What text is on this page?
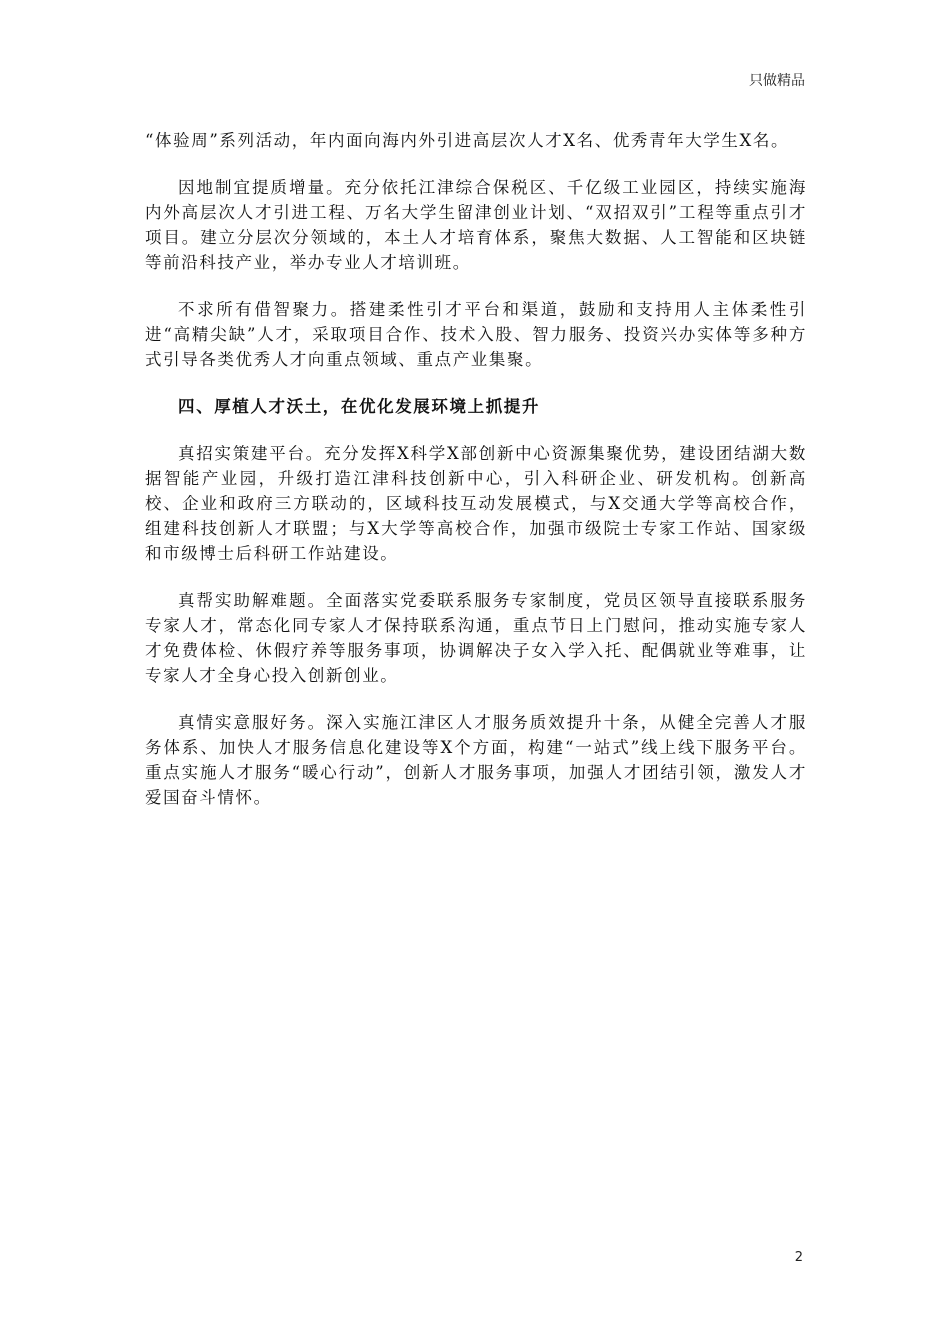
只做精品

“体验周”系列活动，年内面向海内外引进高层次人才X名、优秀青年大学生X名。

因地制宜提质增量。充分依托江津综合保税区、千亿级工业园区，持续实施海内外高层次人才引进工程、万名大学生留津创业计划、“双招双引”工程等重点引才项目。建立分层次分领域的，本土人才培育体系，聚焦大数据、人工智能和区块链等前沿科技产业，举办专业人才培训班。

不求所有借智聚力。搭建柔性引才平台和渠道，鼓励和支持用人主体柔性引进“高精尖缺”人才，采取项目合作、技术入股、智力服务、投资兴办实体等多种方式引导各类优秀人才向重点领域、重点产业集聚。

四、厚植人才沃土，在优化发展环境上抓提升

真招实策建平台。充分发挥X科学X部创新中心资源集聚优势，建设团结湖大数据智能产业园，升级打造江津科技创新中心，引入科研企业、研发机构。创新高校、企业和政府三方联动的，区域科技互动发展模式，与X交通大学等高校合作，组建科技创新人才联盟；与X大学等高校合作，加强市级院士专家工作站、国家级和市级博士后科研工作站建设。

真帮实助解难题。全面落实党委联系服务专家制度，党员区领导直接联系服务专家人才，常态化同专家人才保持联系沟通，重点节日上门慰问，推动实施专家人才免费体检、休假疗养等服务事项，协调解决子女入学入托、配偶就业等难事，让专家人才全身心投入创新创业。

真情实意服好务。深入实施江津区人才服务质效提升十条，从健全完善人才服务体系、加快人才服务信息化建设等X个方面，构建“一站式”线上线下服务平台。重点实施人才服务“暖心行动”，创新人才服务事项，加强人才团结引领，激发人才爱国奋斗情怀。

2
